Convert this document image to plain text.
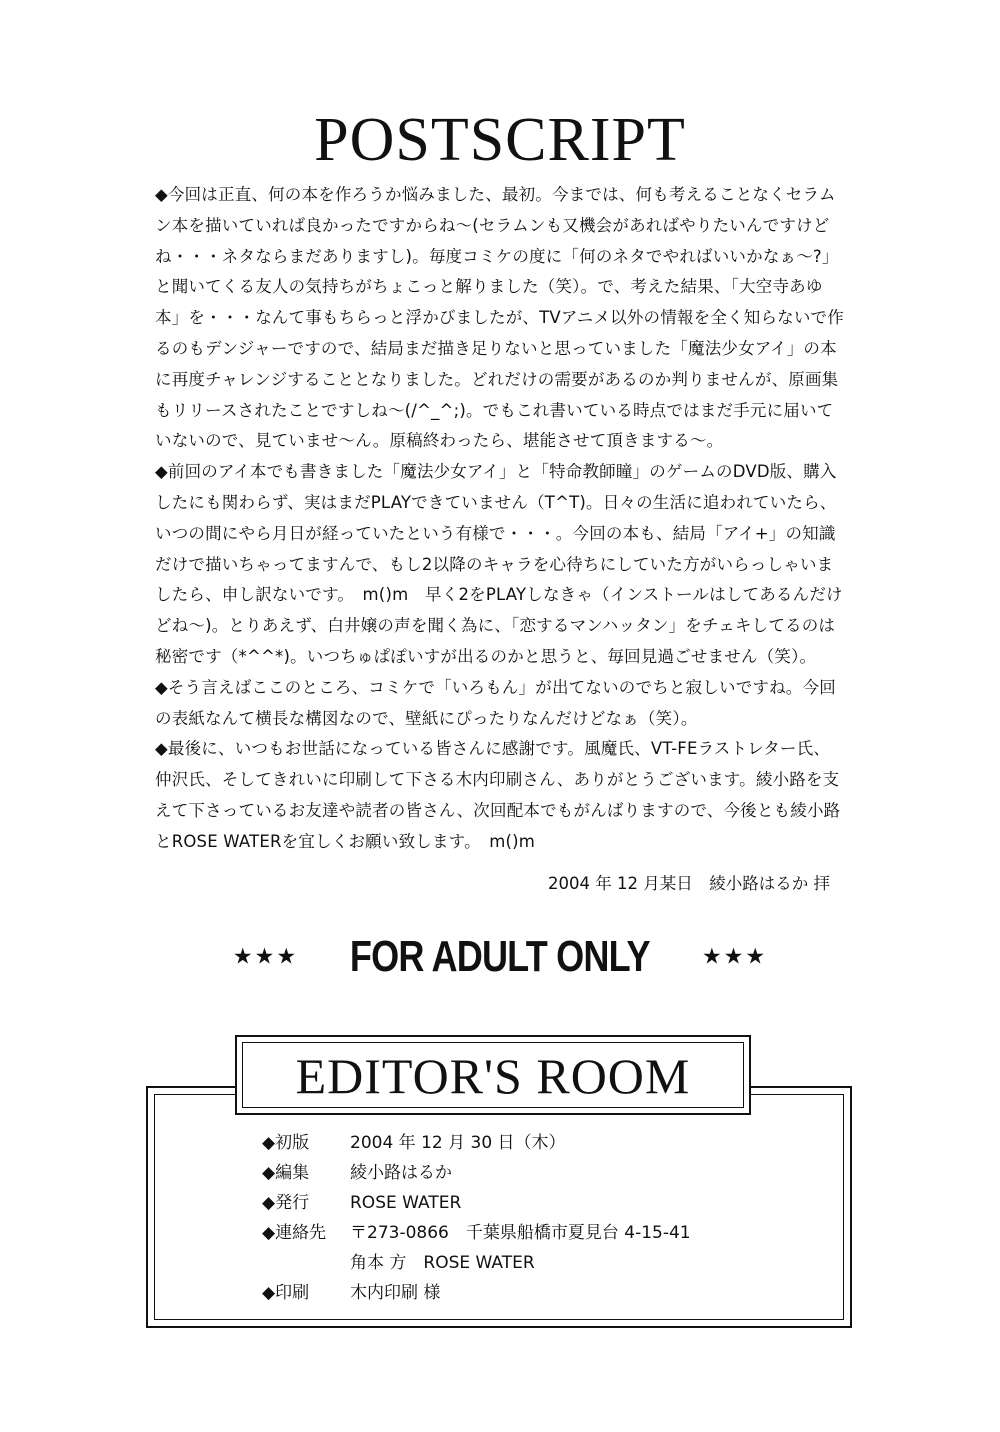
POSTSCRIPT

◆今回は正直、何の本を作ろうか悩みました、最初。今までは、何も考えることなくセラムン本を描いていれば良かったですからね～(セラムンも又機会があればやりたいんですけどね・・・ネタならまだありますし)。毎度コミケの度に「何のネタでやればいいかなぁ～?」と聞いてくる友人の気持ちがちょこっと解りました（笑）。で、考えた結果、「大空寺あゆ本」を・・・なんて事もちらっと浮かびましたが、TVアニメ以外の情報を全く知らないで作るのもデンジャーですので、結局まだ描き足りないと思っていました「魔法少女アイ」の本に再度チャレンジすることとなりました。どれだけの需要があるのか判りませんが、原画集もリリースされたことですしね～(/^_^;)。でもこれ書いている時点ではまだ手元に届いていないので、見ていませ～ん。原稿終わったら、堪能させて頂きまする～。

◆前回のアイ本でも書きました「魔法少女アイ」と「特命教師瞳」のゲームのDVD版、購入したにも関わらず、実はまだPLAYできていません（T^T)。日々の生活に追われていたら、いつの間にやら月日が経っていたという有様で・・・。今回の本も、結局「アイ+」の知識だけで描いちゃってますんで、もし2以降のキャラを心待ちにしていた方がいらっしゃいましたら、申し訳ないです。　m()m　早く2をPLAYしなきゃ（インストールはしてあるんだけどね～)。とりあえず、白井嬢の声を聞く為に、「恋するマンハッタン」をチェキしてるのは秘密です（*^^*)。いつちゅぱぽいすが出るのかと思うと、毎回見過ごせません（笑）。

◆そう言えばここのところ、コミケで「いろもん」が出てないのでちと寂しいですね。今回の表紙なんて横長な構図なので、壁紙にぴったりなんだけどなぁ（笑）。

◆最後に、いつもお世話になっている皆さんに感謝です。風魔氏、VT-FEラストレター氏、仲沢氏、そしてきれいに印刷して下さる木内印刷さん、ありがとうございます。綾小路を支えて下さっているお友達や読者の皆さん、次回配本でもがんばりますので、今後とも綾小路とROSE WATERを宜しくお願い致します。　m()m

2004 年 12 月某日　綾小路はるか 拝
★★★ FOR ADULT ONLY ★★★
EDITOR'S ROOM
◆初版	2004 年 12 月 30 日（木）
◆編集	綾小路はるか
◆発行	ROSE WATER
◆連絡先	〒273-0866　千葉県船橋市夏見台 4-15-41
角本 方　ROSE WATER
◆印刷	木内印刷 様
